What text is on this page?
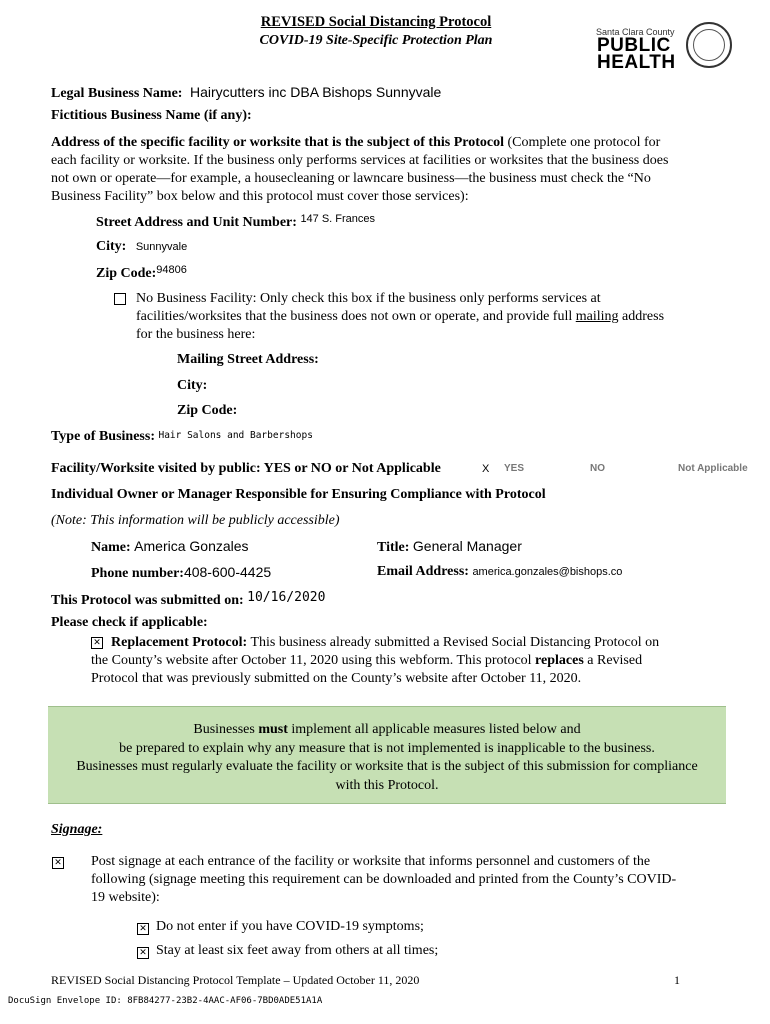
REVISED Social Distancing Protocol
COVID-19 Site-Specific Protection Plan
Santa Clara County
PUBLIC
HEALTH
Legal Business Name: Hairycutters inc DBA Bishops Sunnyvale
Fictitious Business Name (if any):
Address of the specific facility or worksite that is the subject of this Protocol (Complete one protocol for
each facility or worksite. If the business only performs services at facilities or worksites that the business does
not own or operate—for example, a housecleaning or lawncare business—the business must check the “No
Business Facility” box below and this protocol must cover those services):
Street Address and Unit Number: $^{147 S. Frances}$
City: Sunnyvale
Zip Code:$^{94806}$
No Business Facility: Only check this box if the business only performs services at
facilities/worksites that the business does not own or operate, and provide full mailing address
for the business here:
Mailing Street Address:
City:
Zip Code:
Type of Business: Hair Salons and Barbershops
Facility/Worksite visited by public: YES or NO or Not Applicable	X YES	NO	Not Applicable
Individual Owner or Manager Responsible for Ensuring Compliance with Protocol
(Note: This information will be publicly accessible)
Name: America Gonzales	Title: General Manager
Phone number:408-600-4425	Email Address: america.gonzales@bishops.co
This Protocol was submitted on: 10/16/2020
Please check if applicable:
✕ Replacement Protocol: This business already submitted a Revised Social Distancing Protocol on
the County’s website after October 11, 2020 using this webform. This protocol replaces a Revised
Protocol that was previously submitted on the County’s website after October 11, 2020.
Businesses must implement all applicable measures listed below and
be prepared to explain why any measure that is not implemented is inapplicable to the business.
Businesses must regularly evaluate the facility or worksite that is the subject of this submission for compliance
with this Protocol.
Signage:
✕ Post signage at each entrance of the facility or worksite that informs personnel and customers of the
following (signage meeting this requirement can be downloaded and printed from the County’s COVID-
19 website):
✕ Do not enter if you have COVID-19 symptoms;
✕ Stay at least six feet away from others at all times;
REVISED Social Distancing Protocol Template – Updated October 11, 2020	1
DocuSign Envelope ID: 8FB84277-23B2-4AAC-AF06-7BD0ADE51A1A
